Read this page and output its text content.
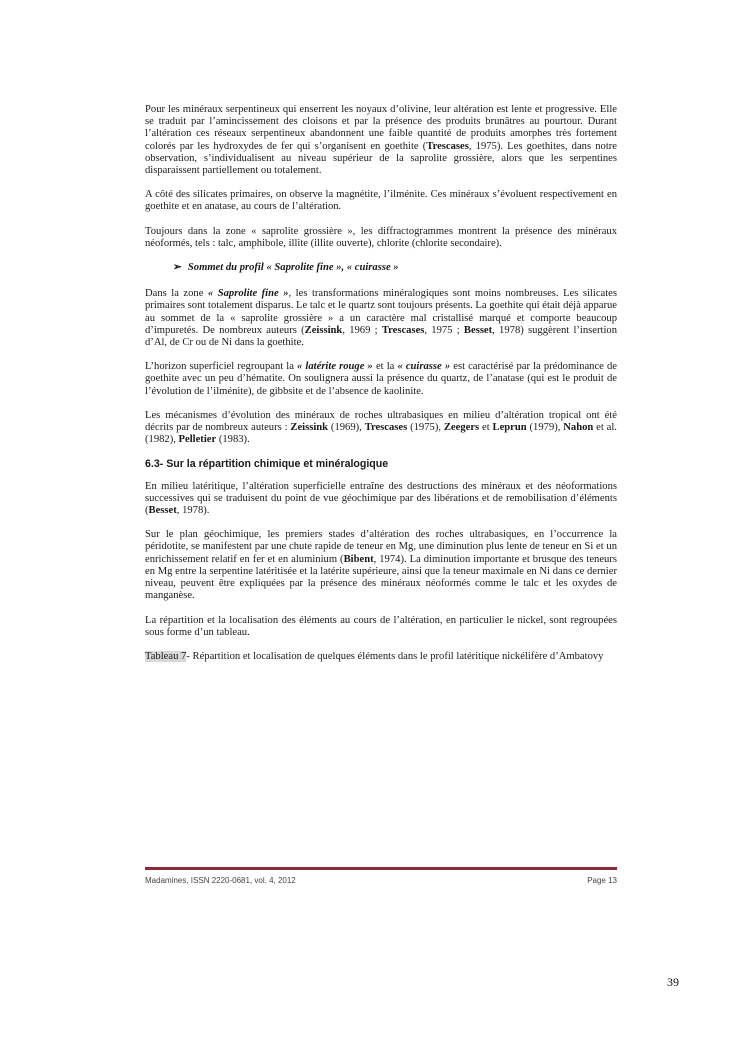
Pour les minéraux serpentineux qui enserrent les noyaux d’olivine, leur altération est lente et progressive. Elle se traduit par l’amincissement des cloisons et par la présence des produits brunâtres au pourtour. Durant l’altération ces réseaux serpentineux abandonnent une faible quantité de produits amorphes très fortement colorés par les hydroxydes de fer qui s’organisent en goethite (Trescases, 1975). Les goethites, dans notre observation, s’individualisent au niveau supérieur de la saprolite grossière, alors que les serpentines disparaissent partiellement ou totalement.

A côté des silicates primaires, on observe la magnétite, l’ilménite. Ces minéraux s’évoluent respectivement en goethite et en anatase, au cours de l’altération.

Toujours dans la zone « saprolite grossière », les diffractogrammes montrent la présence des minéraux néoformés, tels : talc, amphibole, illite (illite ouverte), chlorite (chlorite secondaire).

➢ Sommet du profil « Saprolite fine », « cuirasse »

Dans la zone « Saprolite fine », les transformations minéralogiques sont moins nombreuses. Les silicates primaires sont totalement disparus. Le talc et le quartz sont toujours présents. La goethite qui était déjà apparue au sommet de la « saprolite grossière » a un caractère mal cristallisé marqué et comporte beaucoup d’impuretés. De nombreux auteurs (Zeissink, 1969 ; Trescases, 1975 ; Besset, 1978) suggèrent l’insertion d’Al, de Cr ou de Ni dans la goethite.

L’horizon superficiel regroupant la « latérite rouge » et la « cuirasse » est caractérisé par la prédominance de goethite avec un peu d’hématite. On soulignera aussi la présence du quartz, de l’anatase (qui est le produit de l’évolution de l’ilménite), de gibbsite et de l’absence de kaolinite.

Les mécanismes d’évolution des minéraux de roches ultrabasiques en milieu d’altération tropical ont été décrits par de nombreux auteurs : Zeissink (1969), Trescases (1975), Zeegers et Leprun (1979), Nahon et al. (1982), Pelletier (1983).

6.3- Sur la répartition chimique et minéralogique

En milieu latéritique, l’altération superficielle entraîne des destructions des minéraux et des néoformations successives qui se traduisent du point de vue géochimique par des libérations et de remobilisation d’éléments (Besset, 1978).

Sur le plan géochimique, les premiers stades d’altération des roches ultrabasiques, en l’occurrence la péridotite, se manifestent par une chute rapide de teneur en Mg, une diminution plus lente de teneur en Si et un enrichissement relatif en fer et en aluminium (Bibent, 1974). La diminution importante et brusque des teneurs en Mg entre la serpentine latéritisée et la latérite supérieure, ainsi que la teneur maximale en Ni dans ce dernier niveau, peuvent être expliquées par la présence des minéraux néoformés comme le talc et les oxydes de manganèse.

La répartition et la localisation des éléments au cours de l’altération, en particulier le nickel, sont regroupées sous forme d’un tableau.

Tableau 7- Répartition et localisation de quelques éléments dans le profil latéritique nickélifère d’Ambatovy

Madamines, ISSN 2220-0681, vol. 4, 2012	Page 13
39
